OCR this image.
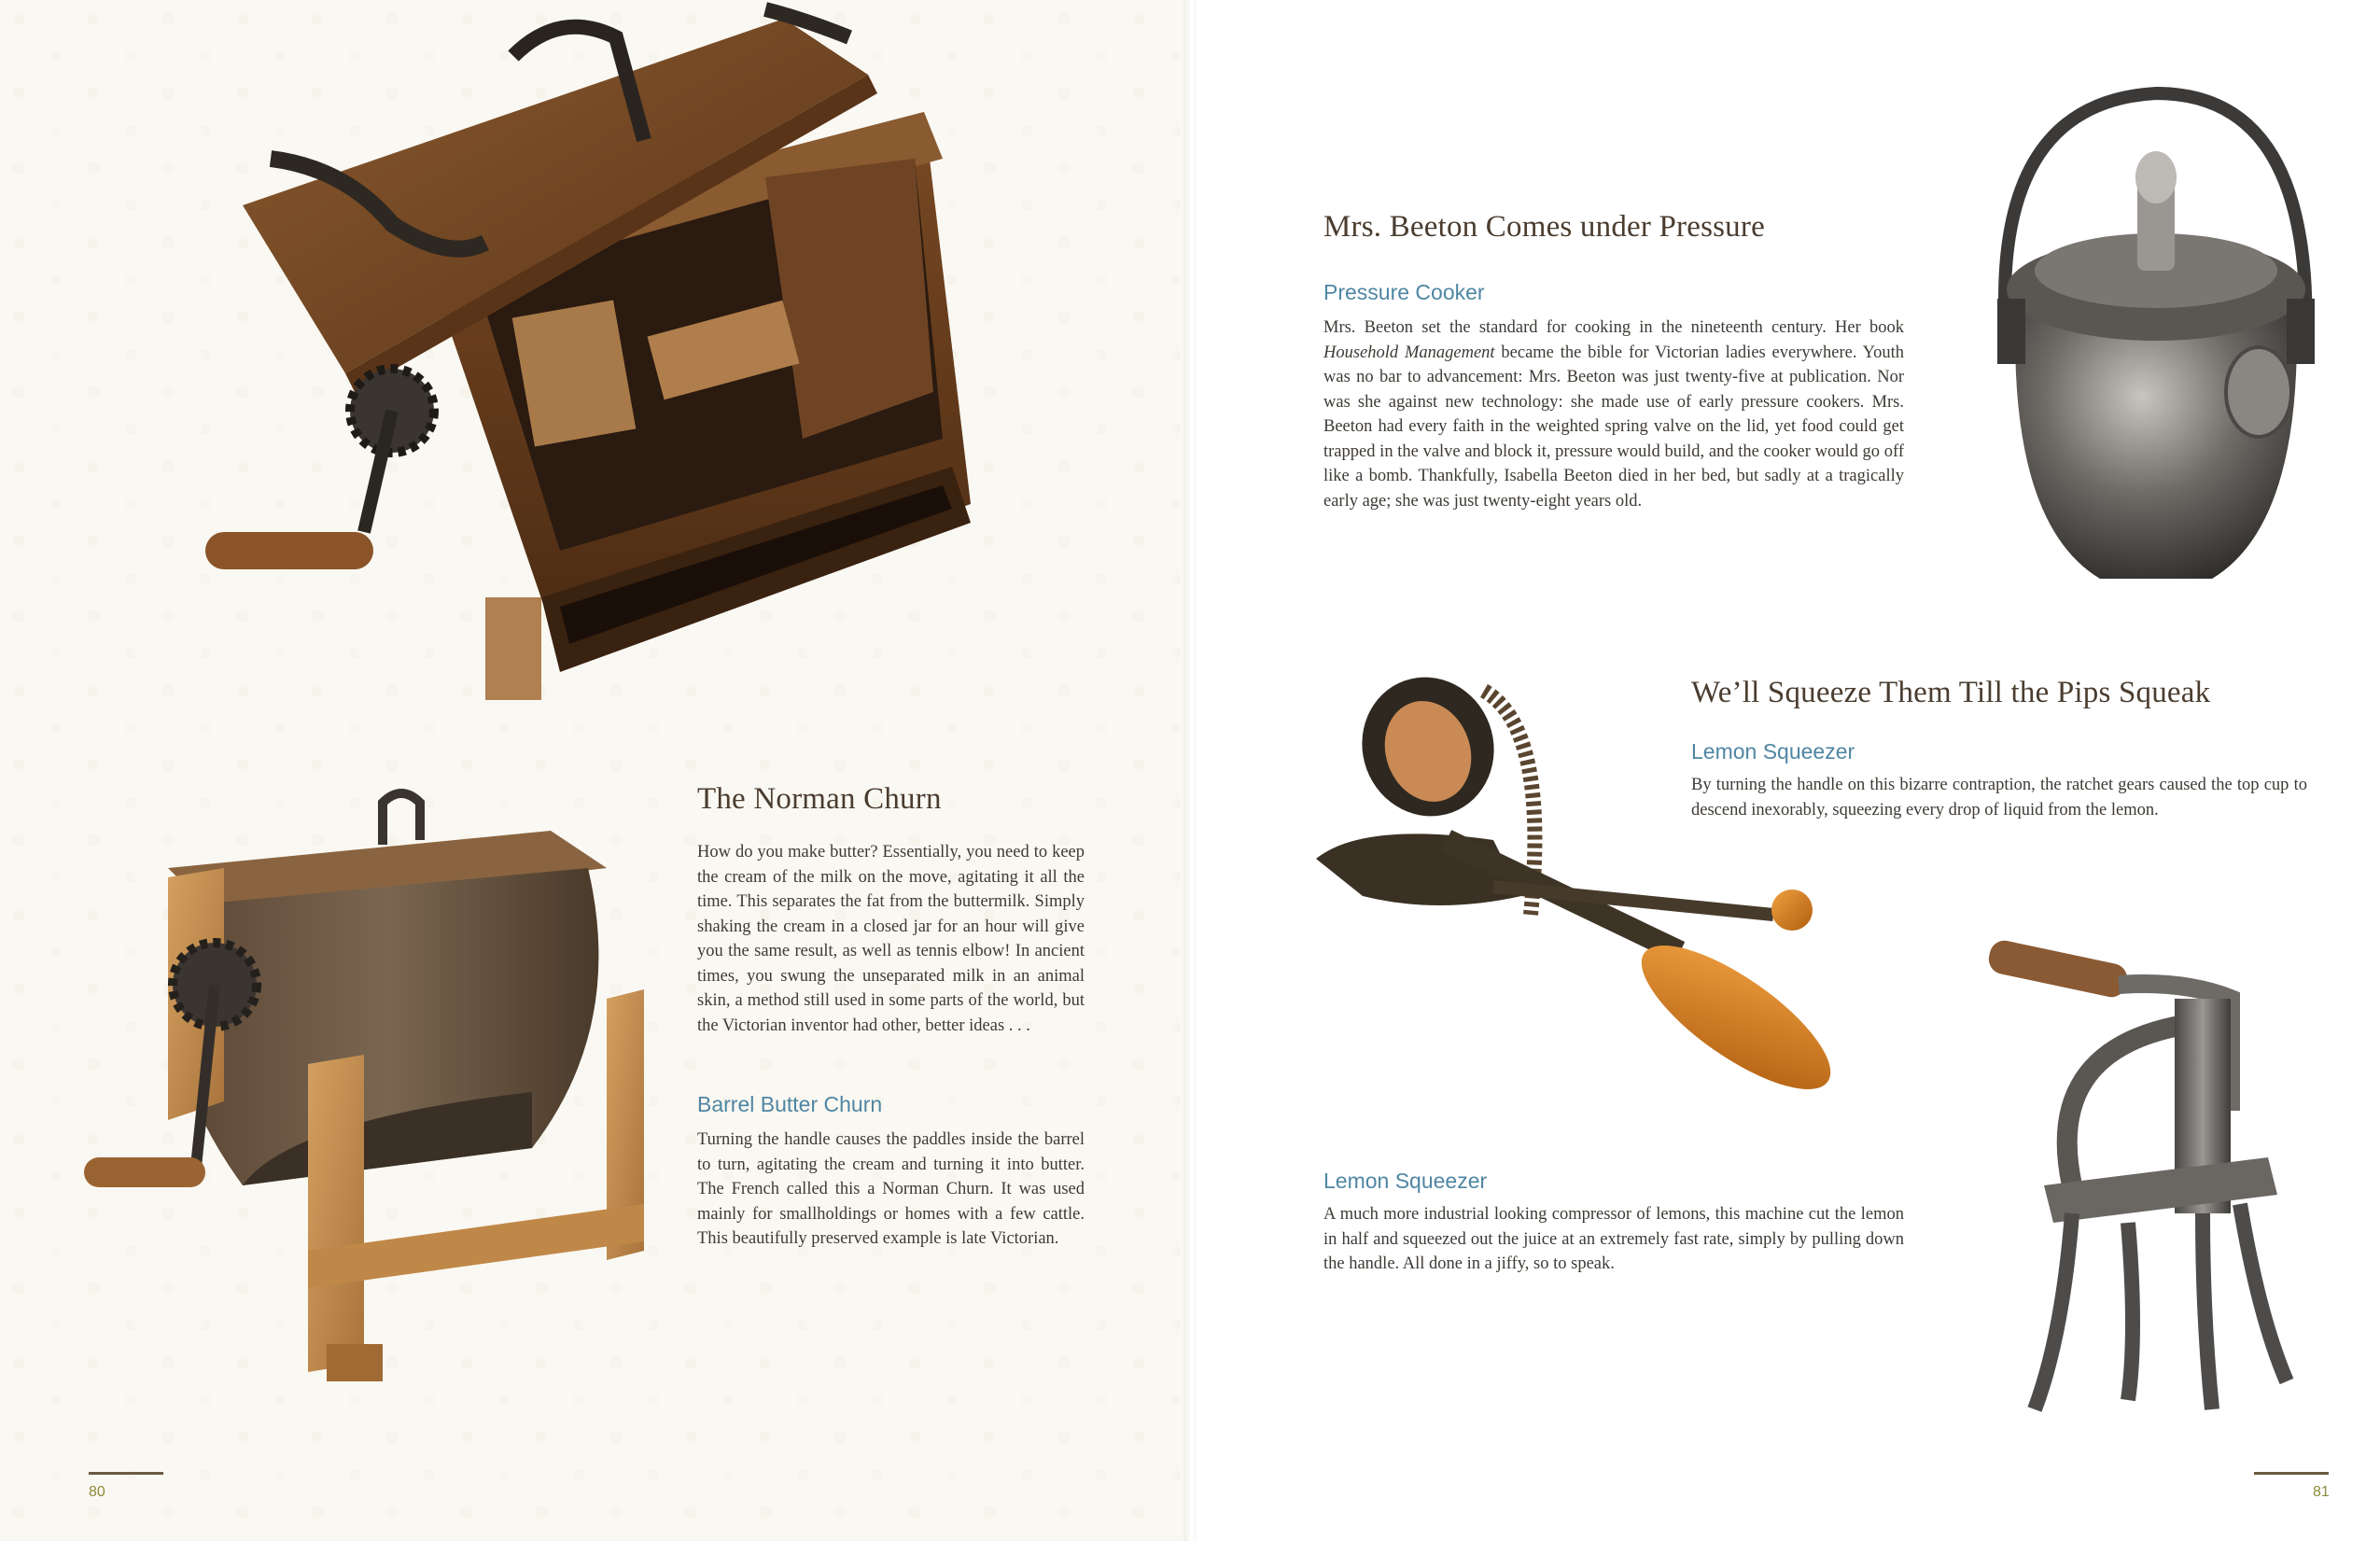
The Norman Churn

How do you make butter? Essentially, you need to keep the cream of the milk on the move, agitating it all the time. This separates the fat from the buttermilk. Simply shaking the cream in a closed jar for an hour will give you the same result, as well as tennis elbow! In ancient times, you swung the unseparated milk in an animal skin, a method still used in some parts of the world, but the Victorian inventor had other, better ideas . . .

Barrel Butter Churn

Turning the handle causes the paddles inside the barrel to turn, agitating the cream and turning it into butter. The French called this a Norman Churn. It was used mainly for smallholdings or homes with a few cattle. This beautifully preserved example is late Victorian.

80
Mrs. Beeton Comes under Pressure
Pressure Cooker

Mrs. Beeton set the standard for cooking in the nineteenth century. Her book Household Management became the bible for Victorian ladies everywhere. Youth was no bar to advancement: Mrs. Beeton was just twenty-five at publication. Nor was she against new technology: she made use of early pressure cookers. Mrs. Beeton had every faith in the weighted spring valve on the lid, yet food could get trapped in the valve and block it, pressure would build, and the cooker would go off like a bomb. Thankfully, Isabella Beeton died in her bed, but sadly at a tragically early age; she was just twenty-eight years old.

We’ll Squeeze Them Till the Pips Squeak
Lemon Squeezer

By turning the handle on this bizarre contraption, the ratchet gears caused the top cup to descend inexorably, squeezing every drop of liquid from the lemon.

Lemon Squeezer

A much more industrial looking compressor of lemons, this machine cut the lemon in half and squeezed out the juice at an extremely fast rate, simply by pulling down the handle. All done in a jiffy, so to speak.

81
